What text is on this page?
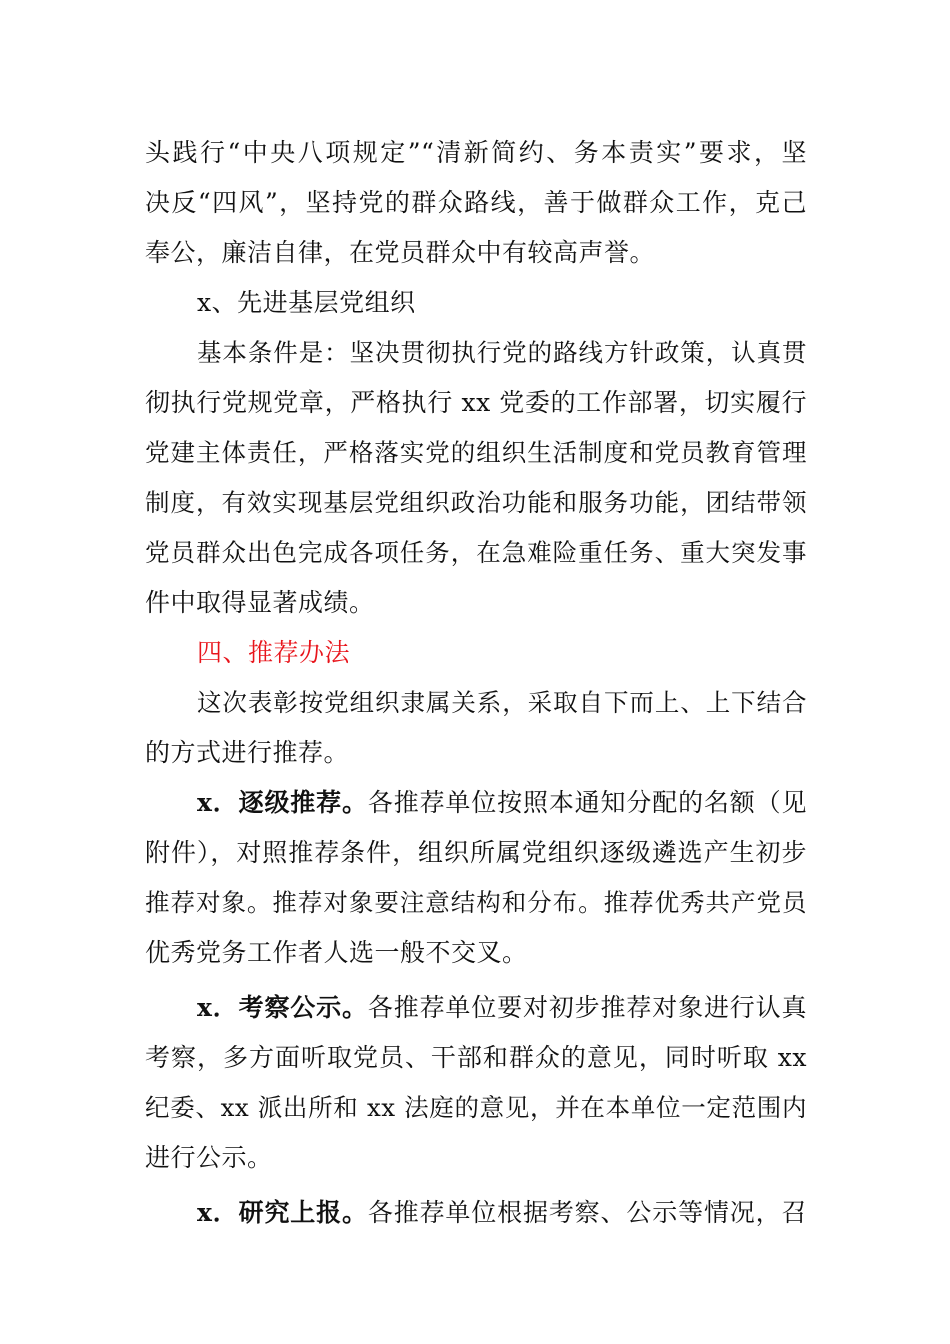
头践行“中央八项规定”“清新简约、务本责实”要求，坚
决反“四风”，坚持党的群众路线，善于做群众工作，克己
奉公，廉洁自律，在党员群众中有较高声誉。
x、先进基层党组织
基本条件是：坚决贯彻执行党的路线方针政策，认真贯
彻执行党规党章，严格执行 xx 党委的工作部署，切实履行
党建主体责任，严格落实党的组织生活制度和党员教育管理
制度，有效实现基层党组织政治功能和服务功能，团结带领
党员群众出色完成各项任务，在急难险重任务、重大突发事
件中取得显著成绩。
四、推荐办法
这次表彰按党组织隶属关系，采取自下而上、上下结合
的方式进行推荐。
x．逐级推荐。各推荐单位按照本通知分配的名额（见
附件），对照推荐条件，组织所属党组织逐级遴选产生初步
推荐对象。推荐对象要注意结构和分布。推荐优秀共产党员
优秀党务工作者人选一般不交叉。
x．考察公示。各推荐单位要对初步推荐对象进行认真
考察，多方面听取党员、干部和群众的意见，同时听取 xx
纪委、xx 派出所和 xx 法庭的意见，并在本单位一定范围内
进行公示。
x．研究上报。各推荐单位根据考察、公示等情况，召
